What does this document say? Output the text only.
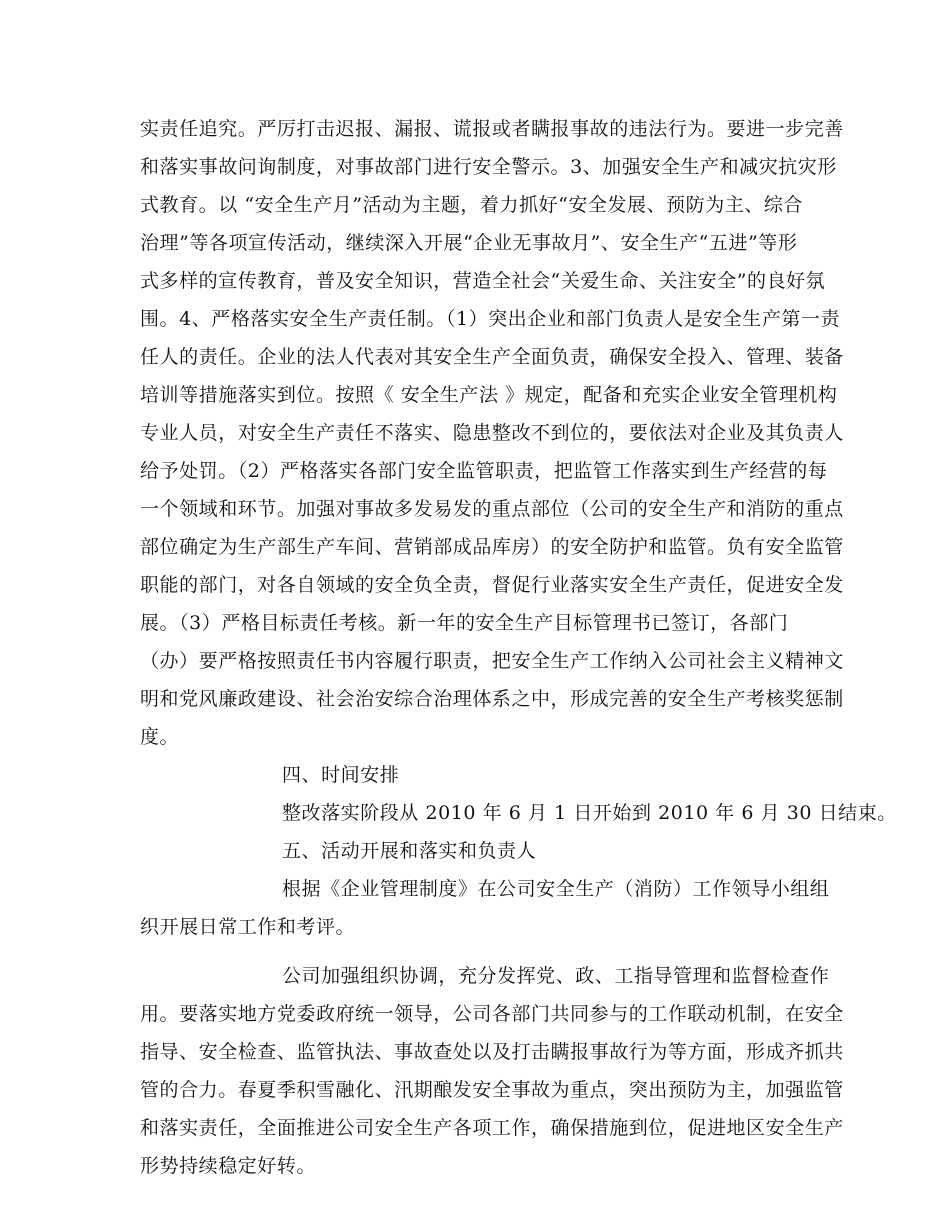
实责任追究。严厉打击迟报、漏报、谎报或者瞒报事故的违法行为。要进一步完善
和落实事故问询制度，对事故部门进行安全警示。3、加强安全生产和减灾抗灾形
式教育。以 “安全生产月”活动为主题，着力抓好“安全发展、预防为主、综合
治理”等各项宣传活动，继续深入开展“企业无事故月”、安全生产“五进”等形
式多样的宣传教育，普及安全知识，营造全社会“关爱生命、关注安全”的良好氛
围。4、严格落实安全生产责任制。（1）突出企业和部门负责人是安全生产第一责
任人的责任。企业的法人代表对其安全生产全面负责，确保安全投入、管理、装备
培训等措施落实到位。按照《 安全生产法 》规定，配备和充实企业安全管理机构
专业人员，对安全生产责任不落实、隐患整改不到位的，要依法对企业及其负责人
给予处罚。（2）严格落实各部门安全监管职责，把监管工作落实到生产经营的每
一个领域和环节。加强对事故多发易发的重点部位（公司的安全生产和消防的重点
部位确定为生产部生产车间、营销部成品库房）的安全防护和监管。负有安全监管
职能的部门，对各自领域的安全负全责，督促行业落实安全生产责任，促进安全发
展。（3）严格目标责任考核。新一年的安全生产目标管理书已签订，各部门
（办）要严格按照责任书内容履行职责，把安全生产工作纳入公司社会主义精神文
明和党风廉政建设、社会治安综合治理体系之中，形成完善的安全生产考核奖惩制
度。
四、时间安排
整改落实阶段从 2010 年 6 月 1 日开始到 2010 年 6 月 30 日结束。
五、活动开展和落实和负责人
根据《企业管理制度》在公司安全生产（消防）工作领导小组组
织开展日常工作和考评。
公司加强组织协调，充分发挥党、政、工指导管理和监督检查作
用。要落实地方党委政府统一领导，公司各部门共同参与的工作联动机制，在安全
指导、安全检查、监管执法、事故查处以及打击瞒报事故行为等方面，形成齐抓共
管的合力。春夏季积雪融化、汛期酿发安全事故为重点，突出预防为主，加强监管
和落实责任，全面推进公司安全生产各项工作，确保措施到位，促进地区安全生产
形势持续稳定好转。
